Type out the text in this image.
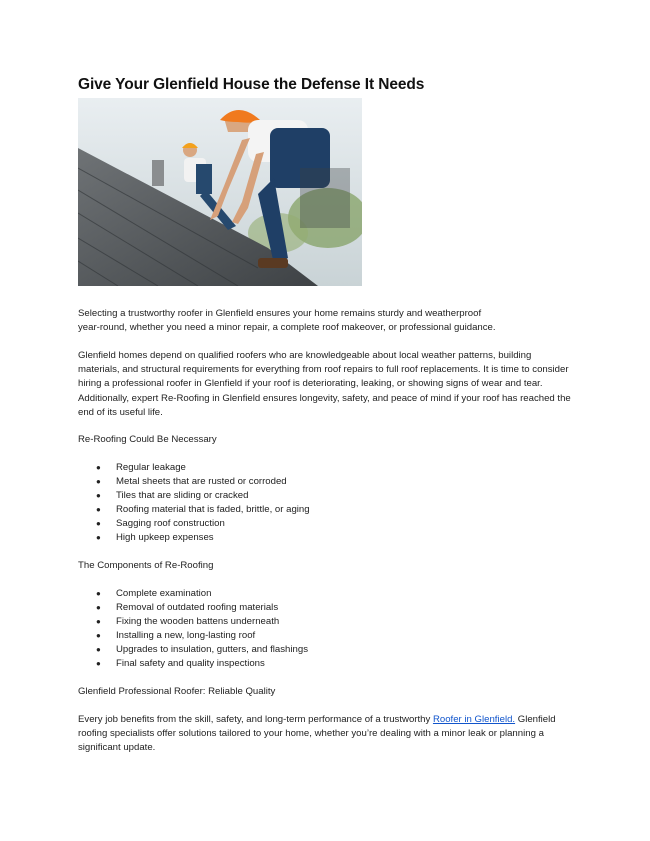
Give Your Glenfield House the Defense It Needs

Selecting a trustworthy roofer in Glenfield ensures your home remains sturdy and weatherproof
year-round, whether you need a minor repair, a complete roof makeover, or professional guidance.

Glenfield homes depend on qualified roofers who are knowledgeable about local weather patterns, building materials, and structural requirements for everything from roof repairs to full roof replacements. It is time to consider hiring a professional roofer in Glenfield if your roof is deteriorating, leaking, or showing signs of wear and tear. Additionally, expert Re-Roofing in Glenfield ensures longevity, safety, and peace of mind if your roof has reached the end of its useful life.

Re-Roofing Could Be Necessary

● Regular leakage
● Metal sheets that are rusted or corroded
● Tiles that are sliding or cracked
● Roofing material that is faded, brittle, or aging
● Sagging roof construction
● High upkeep expenses

The Components of Re-Roofing

● Complete examination
● Removal of outdated roofing materials
● Fixing the wooden battens underneath
● Installing a new, long-lasting roof
● Upgrades to insulation, gutters, and flashings
● Final safety and quality inspections

Glenfield Professional Roofer: Reliable Quality

Every job benefits from the skill, safety, and long-term performance of a trustworthy Roofer in Glenfield. Glenfield roofing specialists offer solutions tailored to your home, whether you’re dealing with a minor leak or planning a significant update.
